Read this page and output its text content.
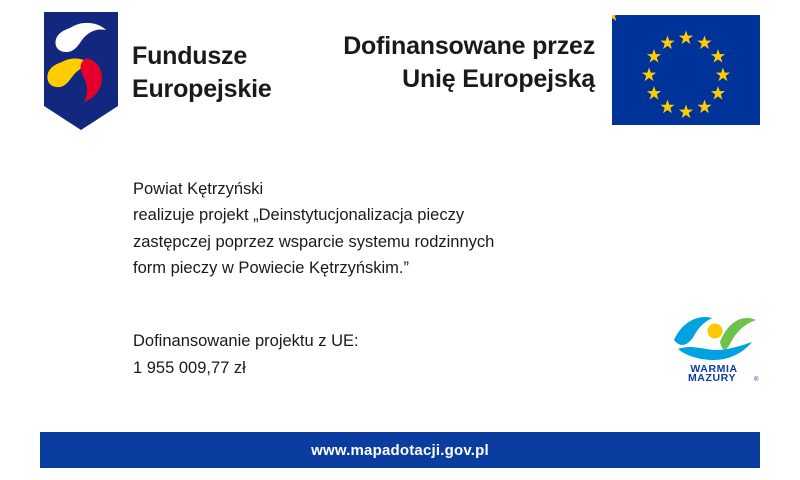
Fundusze
Europejskie
Dofinansowane przez
Unię Europejską
Powiat Kętrzyński
realizuje projekt „Deinstytucjonalizacja pieczy
zastępczej poprzez wsparcie systemu rodzinnych
form pieczy w Powiecie Kętrzyńskim.”
Dofinansowanie projektu z UE:
1 955 009,77 zł	WARMIA
MAZURY	®
www.mapadotacji.gov.pl
